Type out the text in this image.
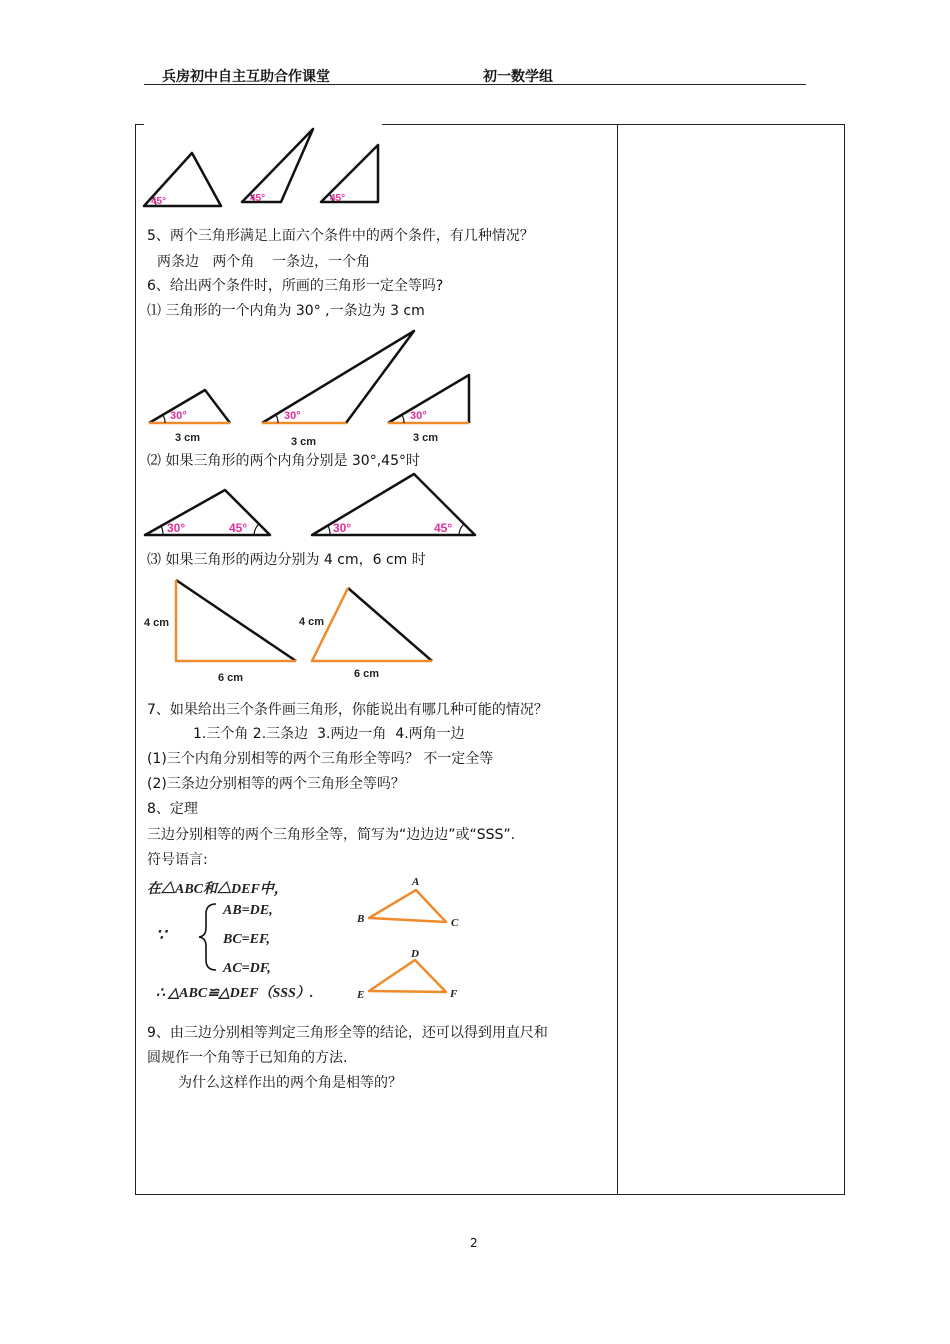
兵房初中自主互助合作课堂	初一数学组
45°	45°	45°
30°
3 cm
30°
3 cm
30°
3 cm
30°	45°	30°	45°
4 cm
6 cm
4 cm
6 cm
在△ABC和△DEF中，
∵
AB=DE,
BC=EF,
AC=DF,
∴ △ABC≌△DEF（SSS）.
A
B	C
D
E	F
5、两个三角形满足上面六个条件中的两个条件，有几种情况？
两条边   两个角    一条边，一个角
6、给出两个条件时，所画的三角形一定全等吗?
⑴ 三角形的一个内角为 30° ,一条边为 3 cm
⑵ 如果三角形的两个内角分别是 30°,45°时
⑶ 如果三角形的两边分别为 4 cm，6 cm 时
7、如果给出三个条件画三角形，你能说出有哪几种可能的情况？
1.三个角 2.三条边  3.两边一角  4.两角一边
(1)三个内角分别相等的两个三角形全等吗？ 不一定全等
(2)三条边分别相等的两个三角形全等吗？
8、定理
三边分别相等的两个三角形全等，简写为“边边边”或“SSS”.
符号语言:
9、由三边分别相等判定三角形全等的结论，还可以得到用直尺和
圆规作一个角等于已知角的方法.
为什么这样作出的两个角是相等的？
2
